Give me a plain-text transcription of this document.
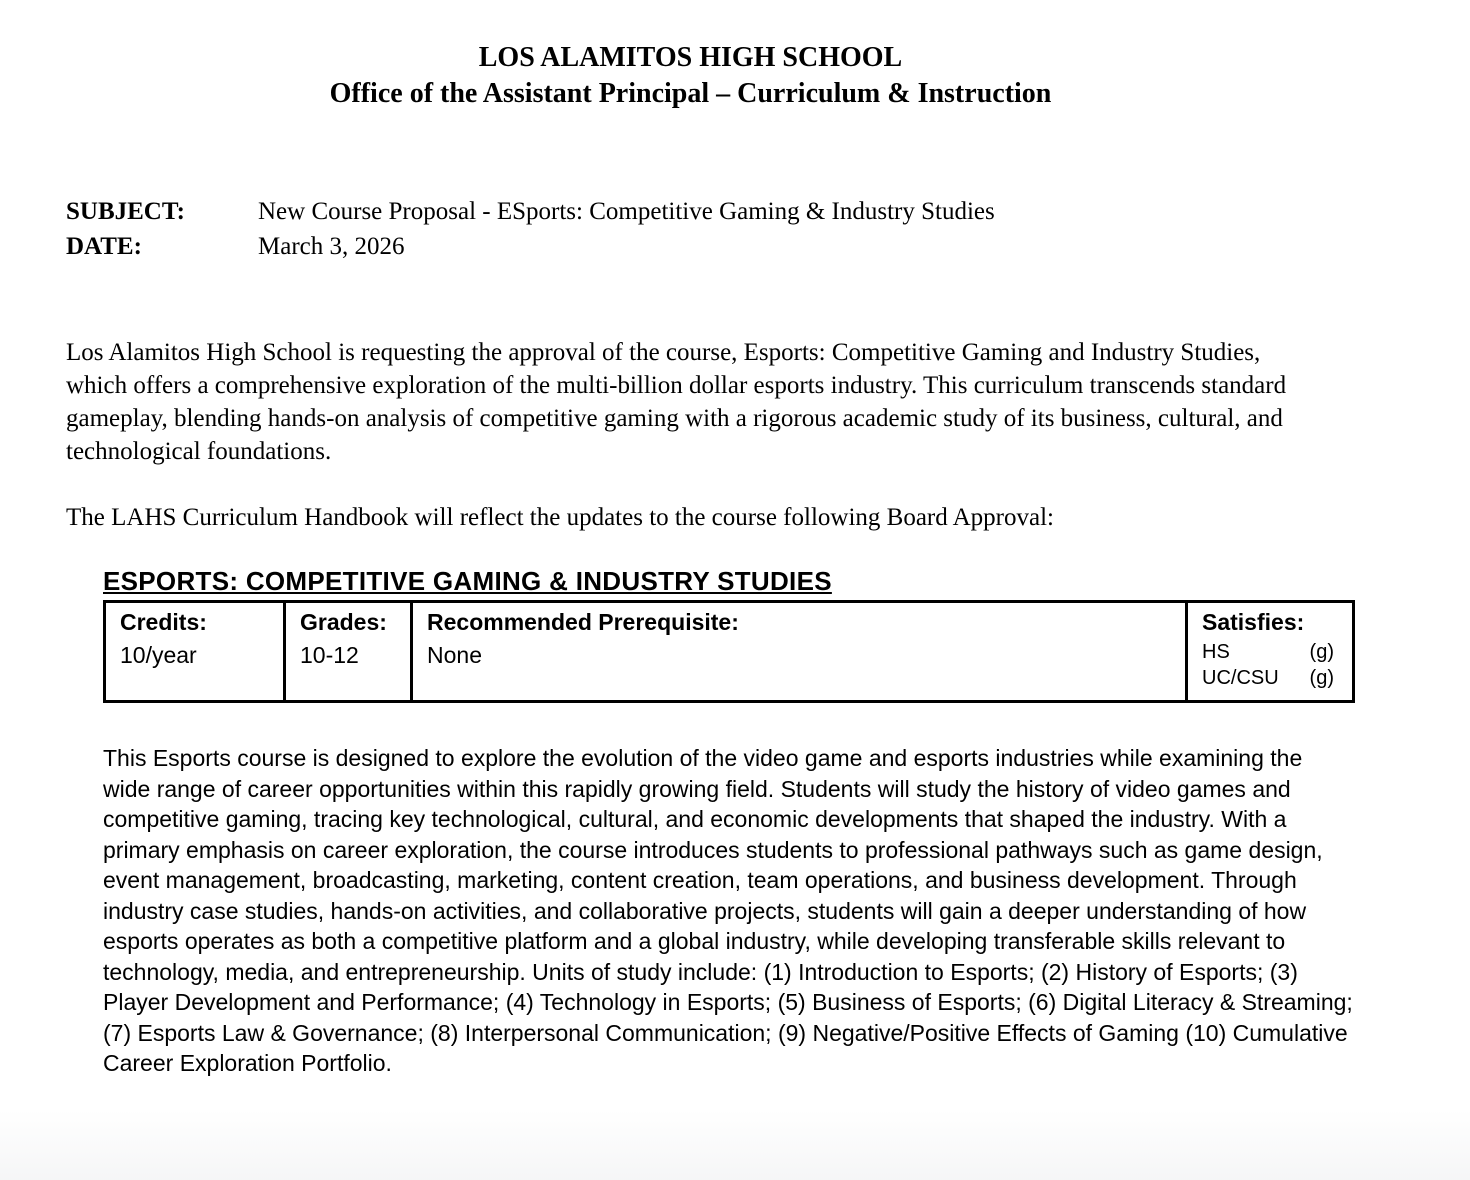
LOS ALAMITOS HIGH SCHOOL
Office of the Assistant Principal – Curriculum & Instruction
SUBJECT:	New Course Proposal - ESports: Competitive Gaming & Industry Studies
DATE:	March 3, 2026

Los Alamitos High School is requesting the approval of the course, Esports: Competitive Gaming and Industry Studies, which offers a comprehensive exploration of the multi-billion dollar esports industry. This curriculum transcends standard gameplay, blending hands-on analysis of competitive gaming with a rigorous academic study of its business, cultural, and technological foundations.

The LAHS Curriculum Handbook will reflect the updates to the course following Board Approval:

ESPORTS: COMPETITIVE GAMING & INDUSTRY STUDIES
Credits:
10/year

Grades:
10-12

Recommended Prerequisite:
None

Satisfies:
HS	(g)
UC/CSU (g)

This Esports course is designed to explore the evolution of the video game and esports industries while examining the wide range of career opportunities within this rapidly growing field. Students will study the history of video games and competitive gaming, tracing key technological, cultural, and economic developments that shaped the industry. With a primary emphasis on career exploration, the course introduces students to professional pathways such as game design, event management, broadcasting, marketing, content creation, team operations, and business development. Through industry case studies, hands-on activities, and collaborative projects, students will gain a deeper understanding of how esports operates as both a competitive platform and a global industry, while developing transferable skills relevant to technology, media, and entrepreneurship. Units of study include: (1) Introduction to Esports; (2) History of Esports; (3) Player Development and Performance; (4) Technology in Esports; (5) Business of Esports; (6) Digital Literacy & Streaming; (7) Esports Law & Governance; (8) Interpersonal Communication; (9) Negative/Positive Effects of Gaming (10) Cumulative Career Exploration Portfolio.
